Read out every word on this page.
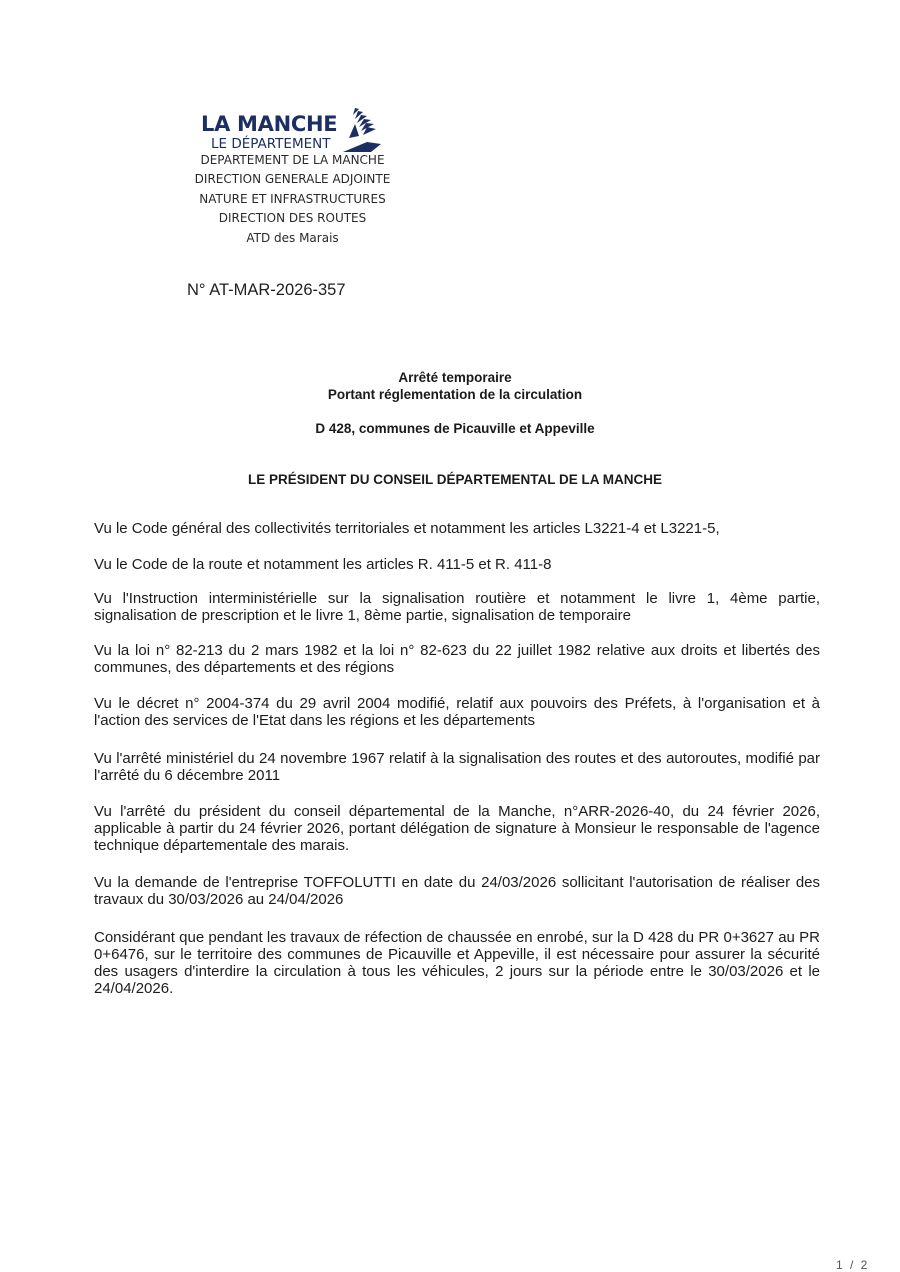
LA MANCHE
LE DÉPARTEMENT
DEPARTEMENT DE LA MANCHE
DIRECTION GENERALE ADJOINTE
NATURE ET INFRASTRUCTURES
DIRECTION DES ROUTES
ATD des Marais
N° AT-MAR-2026-357
Arrêté temporaire
Portant réglementation de la circulation
D 428, communes de Picauville et Appeville
LE PRÉSIDENT DU CONSEIL DÉPARTEMENTAL DE LA MANCHE
Vu le Code général des collectivités territoriales et notamment les articles L3221-4 et L3221-5,
Vu le Code de la route et notamment les articles R. 411-5 et R. 411-8
Vu l'Instruction interministérielle sur la signalisation routière et notamment le livre 1, 4ème partie, signalisation de prescription et le livre 1, 8ème partie, signalisation de temporaire
Vu la loi n° 82-213 du 2 mars 1982 et la loi n° 82-623 du 22 juillet 1982 relative aux droits et libertés des communes, des départements et des régions
Vu le décret n° 2004-374 du 29 avril 2004 modifié, relatif aux pouvoirs des Préfets, à l'organisation et à l'action des services de l'Etat dans les régions et les départements
Vu l'arrêté ministériel du 24 novembre 1967 relatif à la signalisation des routes et des autoroutes, modifié par l'arrêté du 6 décembre 2011
Vu l'arrêté du président du conseil départemental de la Manche, n°ARR-2026-40, du 24 février 2026, applicable à partir du 24 février 2026, portant délégation de signature à Monsieur le responsable de l'agence technique départementale des marais.
Vu la demande de l'entreprise TOFFOLUTTI en date du 24/03/2026 sollicitant l'autorisation de réaliser des travaux du 30/03/2026 au 24/04/2026
Considérant que pendant les travaux de réfection de chaussée en enrobé, sur la D 428 du PR 0+3627 au PR 0+6476, sur le territoire des communes de Picauville et Appeville, il est nécessaire pour assurer la sécurité des usagers d'interdire la circulation à tous les véhicules, 2 jours sur la période entre le 30/03/2026 et le 24/04/2026.
1 / 2
